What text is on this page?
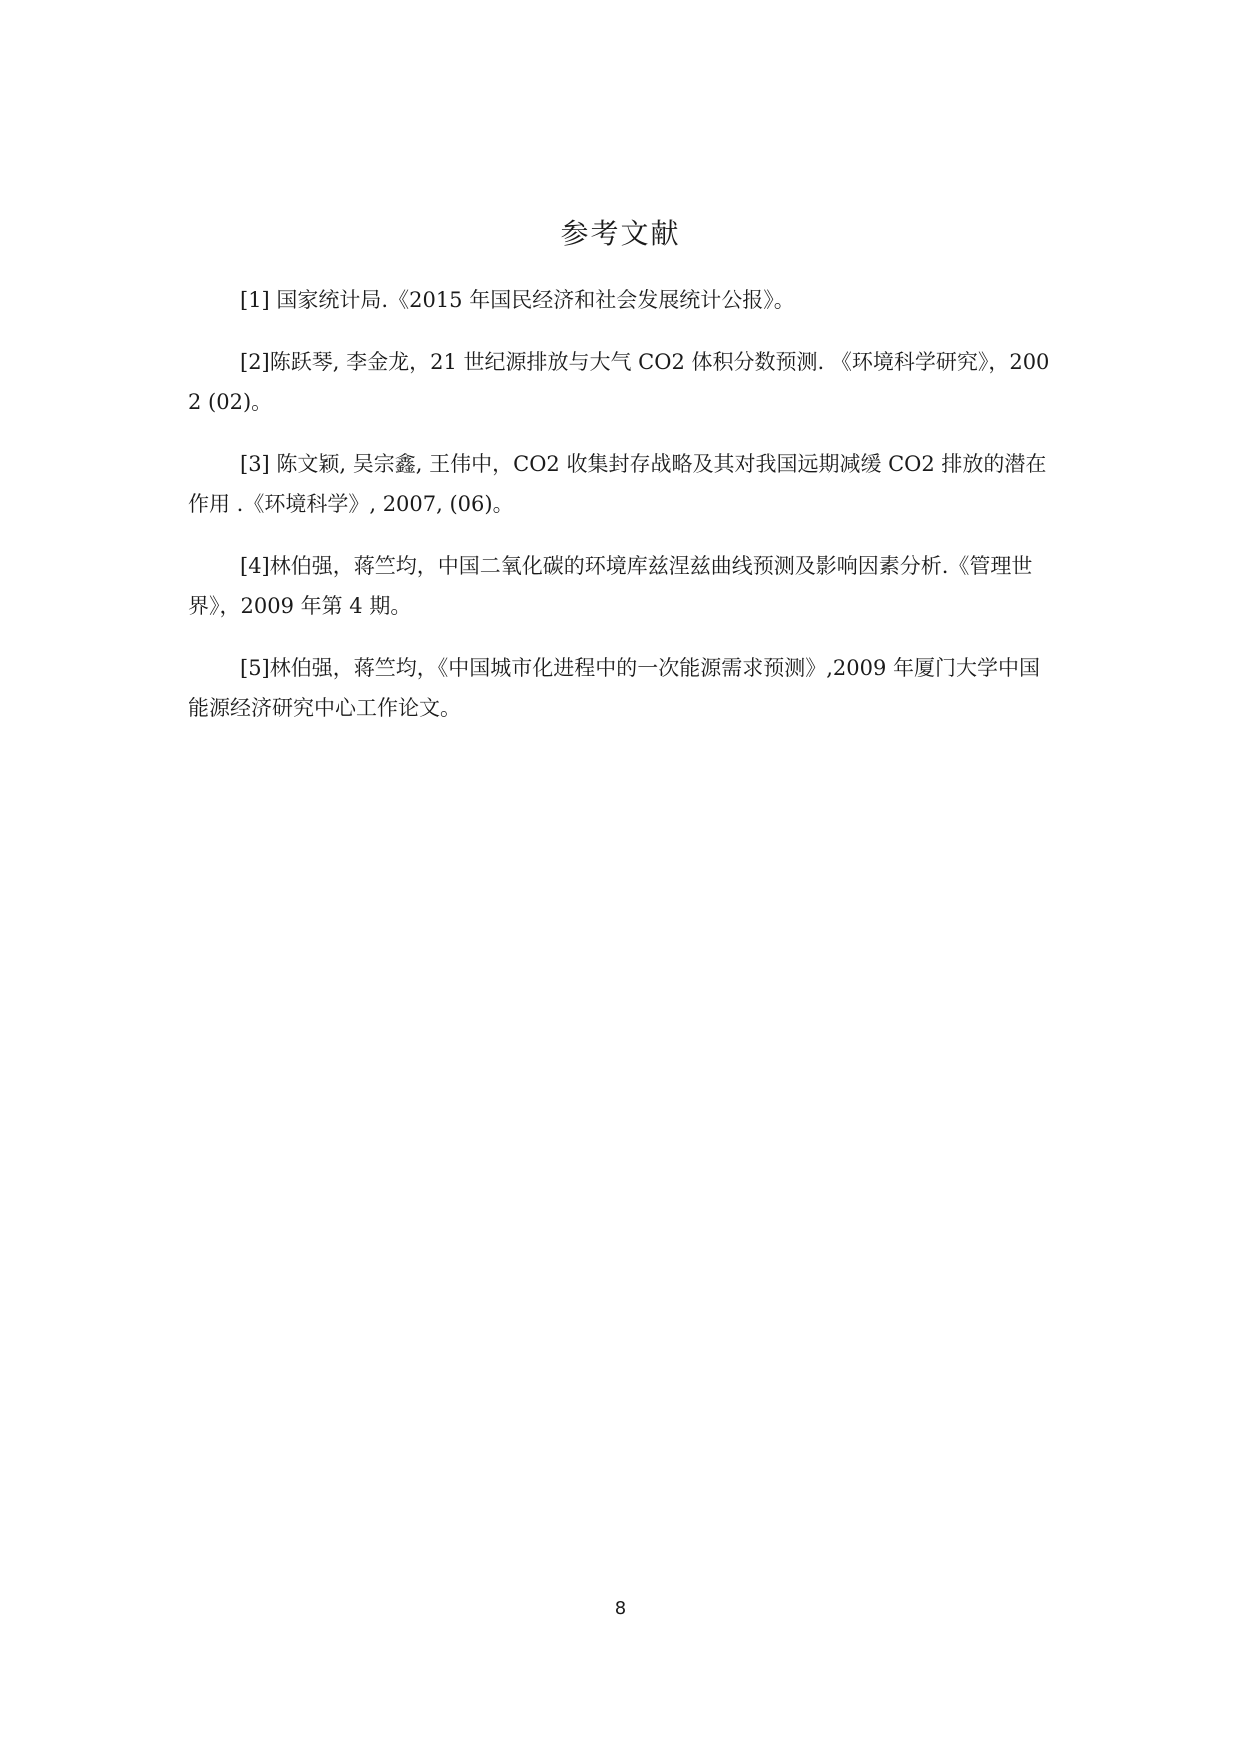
参考文献

[1] 国家统计局.《2015 年国民经济和社会发展统计公报》。

[2]陈跃琴, 李金龙，21 世纪源排放与大气 CO2 体积分数预测. 《环境科学研究》，2002 (02)。

[3] 陈文颖, 吴宗鑫, 王伟中，CO2 收集封存战略及其对我国远期减缓 CO2 排放的潜在作用 .《环境科学》, 2007, (06)。

[4]林伯强，蒋竺均，中国二氧化碳的环境库兹涅兹曲线预测及影响因素分析.《管理世界》，2009 年第 4 期。

[5]林伯强，蒋竺均，《中国城市化进程中的一次能源需求预测》,2009 年厦门大学中国能源经济研究中心工作论文。

8
